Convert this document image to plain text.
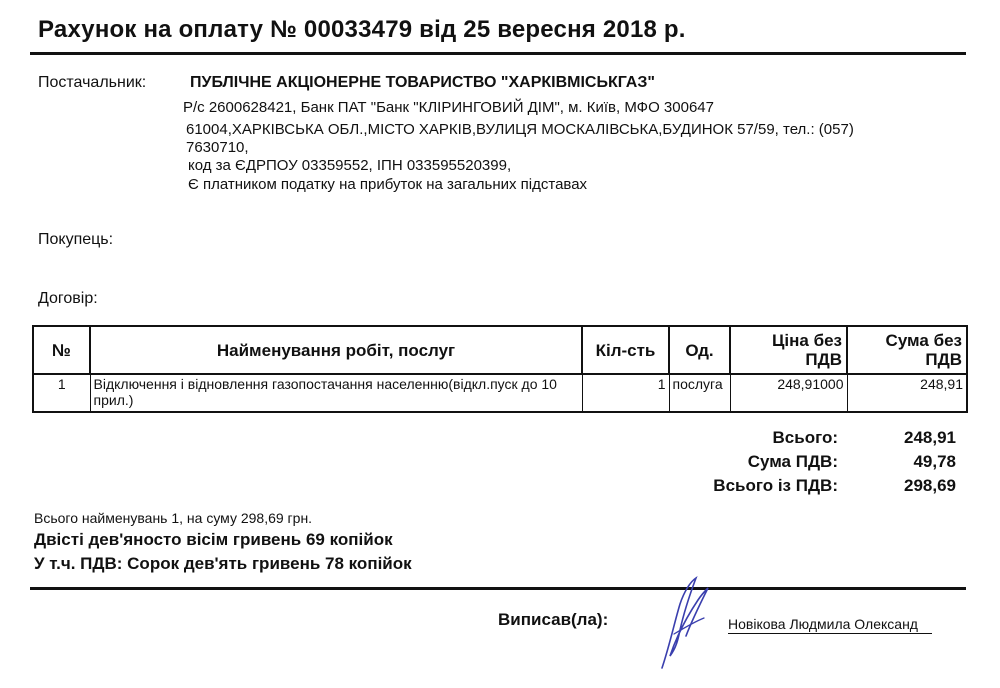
Рахунок на оплату № 00033479 від 25 вересня 2018 р.
Постачальник:	ПУБЛІЧНЕ АКЦІОНЕРНЕ ТОВАРИСТВО "ХАРКІВМІСЬКГАЗ"
Р/с 2600628421, Банк ПАТ "Банк "КЛІРИНГОВИЙ ДІМ", м. Київ, МФО 300647
61004,ХАРКІВСЬКА ОБЛ.,МІСТО ХАРКІВ,ВУЛИЦЯ МОСКАЛІВСЬКА,БУДИНОК 57/59, тел.: (057)
7630710,
код за ЄДРПОУ 03359552, ІПН 033595520399,
Є платником податку на прибуток на загальних підставах
Покупець:
Договір:
№	Найменування робіт, послуг	Кіл-сть	Од.	Ціна без ПДВ	Сума без ПДВ
1	Відключення і відновлення газопостачання населенню(відкл.пуск до 10 прил.)	1	послуга	248,91000	248,91
Всього:	248,91
Сума ПДВ:	49,78
Всього із ПДВ:	298,69
Всього найменувань 1, на суму 298,69 грн.
Двісті дев'яносто вісім гривень 69 копійок
У т.ч. ПДВ: Сорок дев'ять гривень 78 копійок
Виписав(ла):	Новікова Людмила Олександ
